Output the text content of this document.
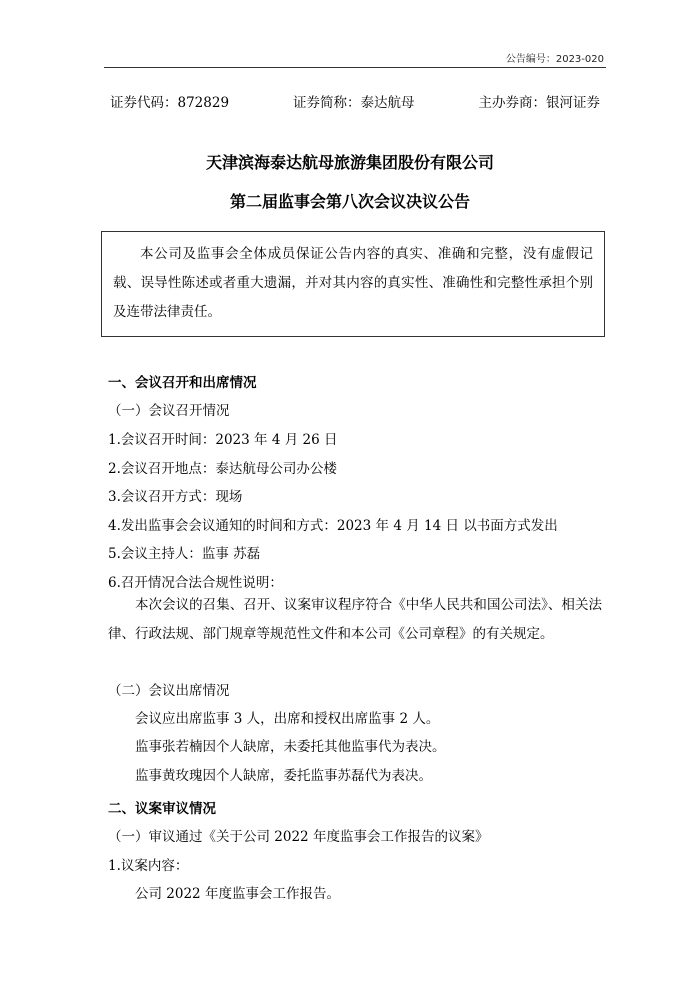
公告编号：2023-020
证券代码：872829	证券简称：泰达航母	主办券商：银河证券
天津滨海泰达航母旅游集团股份有限公司
第二届监事会第八次会议决议公告
本公司及监事会全体成员保证公告内容的真实、准确和完整，没有虚假记载、误导性陈述或者重大遗漏，并对其内容的真实性、准确性和完整性承担个别及连带法律责任。
一、会议召开和出席情况
（一）会议召开情况
1.会议召开时间：2023 年 4 月 26 日
2.会议召开地点：泰达航母公司办公楼
3.会议召开方式：现场
4.发出监事会会议通知的时间和方式：2023 年 4 月 14 日 以书面方式发出
5.会议主持人：监事 苏磊
6.召开情况合法合规性说明：
本次会议的召集、召开、议案审议程序符合《中华人民共和国公司法》、相关法律、行政法规、部门规章等规范性文件和本公司《公司章程》的有关规定。
（二）会议出席情况
会议应出席监事 3 人，出席和授权出席监事 2 人。
监事张若楠因个人缺席，未委托其他监事代为表决。
监事黄玫瑰因个人缺席，委托监事苏磊代为表决。
二、议案审议情况
（一）审议通过《关于公司 2022 年度监事会工作报告的议案》
1.议案内容：
公司 2022 年度监事会工作报告。
